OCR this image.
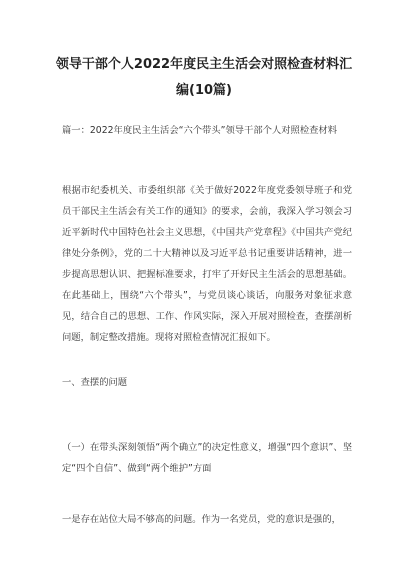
领导干部个人2022年度民主生活会对照检查材料汇编(10篇)
篇一：2022年度民主生活会“六个带头”领导干部个人对照检查材料
根据市纪委机关、市委组织部《关于做好2022年度党委领导班子和党员干部民主生活会有关工作的通知》的要求，会前，我深入学习领会习近平新时代中国特色社会主义思想，《中国共产党章程》《中国共产党纪律处分条例》，党的二十大精神以及习近平总书记重要讲话精神，进一步提高思想认识、把握标准要求，打牢了开好民主生活会的思想基础。在此基础上，围绕“六个带头”，与党员谈心谈话，向服务对象征求意见，结合自己的思想、工作、作风实际，深入开展对照检查，查摆剖析问题，制定整改措施。现将对照检查情况汇报如下。
一、查摆的问题
（一）在带头深刻领悟“两个确立”的决定性意义，增强“四个意识”、坚定“四个自信”、做到“两个维护”方面
一是存在站位大局不够高的问题。作为一名党员，党的意识是强的，
